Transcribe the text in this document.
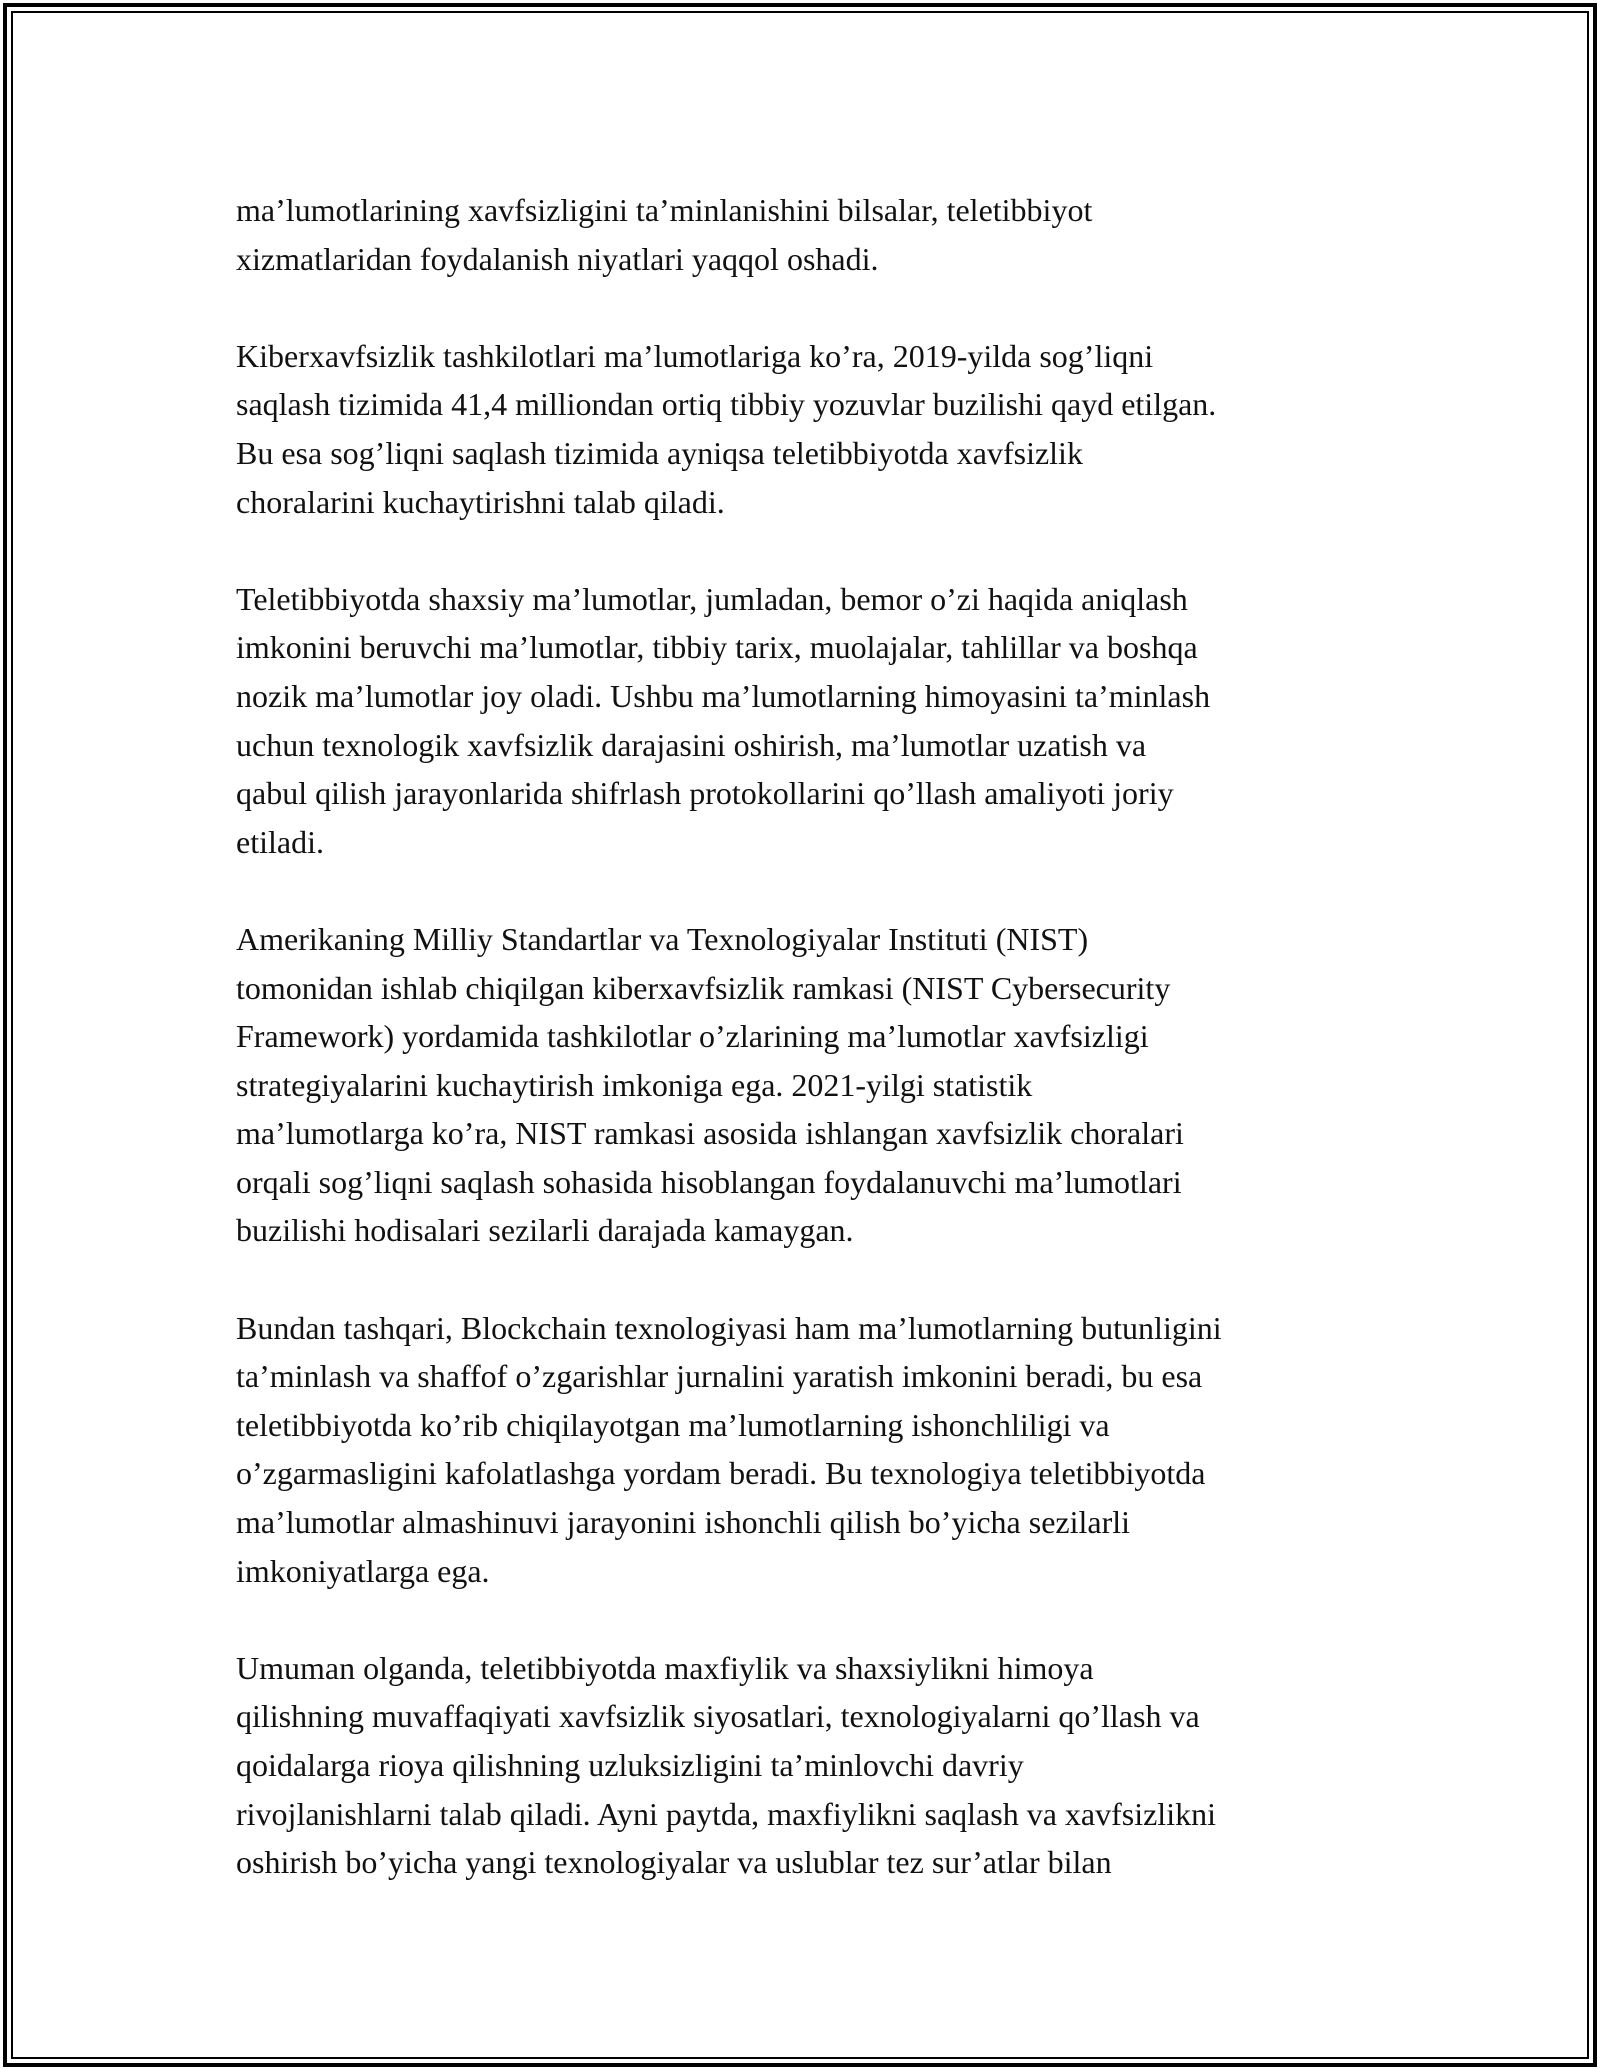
ma’lumotlarining xavfsizligini ta’minlanishini bilsalar, teletibbiyot
xizmatlaridan foydalanish niyatlari yaqqol oshadi.

Kiberxavfsizlik tashkilotlari ma’lumotlariga ko’ra, 2019-yilda sog’liqni
saqlash tizimida 41,4 milliondan ortiq tibbiy yozuvlar buzilishi qayd etilgan.
Bu esa sog’liqni saqlash tizimida ayniqsa teletibbiyotda xavfsizlik
choralarini kuchaytirishni talab qiladi.

Teletibbiyotda shaxsiy ma’lumotlar, jumladan, bemor o’zi haqida aniqlash
imkonini beruvchi ma’lumotlar, tibbiy tarix, muolajalar, tahlillar va boshqa
nozik ma’lumotlar joy oladi. Ushbu ma’lumotlarning himoyasini ta’minlash
uchun texnologik xavfsizlik darajasini oshirish, ma’lumotlar uzatish va
qabul qilish jarayonlarida shifrlash protokollarini qo’llash amaliyoti joriy
etiladi.

Amerikaning Milliy Standartlar va Texnologiyalar Instituti (NIST)
tomonidan ishlab chiqilgan kiberxavfsizlik ramkasi (NIST Cybersecurity
Framework) yordamida tashkilotlar o’zlarining ma’lumotlar xavfsizligi
strategiyalarini kuchaytirish imkoniga ega. 2021-yilgi statistik
ma’lumotlarga ko’ra, NIST ramkasi asosida ishlangan xavfsizlik choralari
orqali sog’liqni saqlash sohasida hisoblangan foydalanuvchi ma’lumotlari
buzilishi hodisalari sezilarli darajada kamaygan.

Bundan tashqari, Blockchain texnologiyasi ham ma’lumotlarning butunligini
ta’minlash va shaffof o’zgarishlar jurnalini yaratish imkonini beradi, bu esa
teletibbiyotda ko’rib chiqilayotgan ma’lumotlarning ishonchliligi va
o’zgarmasligini kafolatlashga yordam beradi. Bu texnologiya teletibbiyotda
ma’lumotlar almashinuvi jarayonini ishonchli qilish bo’yicha sezilarli
imkoniyatlarga ega.

Umuman olganda, teletibbiyotda maxfiylik va shaxsiylikni himoya
qilishning muvaffaqiyati xavfsizlik siyosatlari, texnologiyalarni qo’llash va
qoidalarga rioya qilishning uzluksizligini ta’minlovchi davriy
rivojlanishlarni talab qiladi. Ayni paytda, maxfiylikni saqlash va xavfsizlikni
oshirish bo’yicha yangi texnologiyalar va uslublar tez sur’atlar bilan
